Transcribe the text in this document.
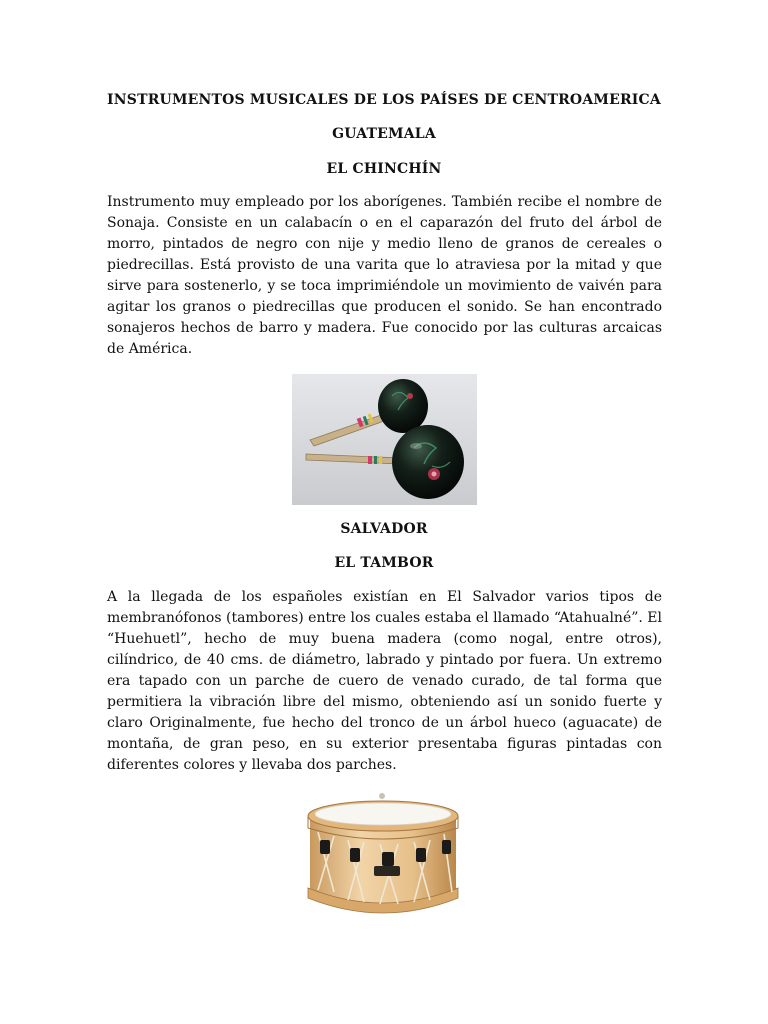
INSTRUMENTOS MUSICALES DE LOS PAÍSES DE CENTROAMERICA
GUATEMALA
EL CHINCHÍN

Instrumento muy empleado por los aborígenes. También recibe el nombre de Sonaja. Consiste en un calabacín o en el caparazón del fruto del árbol de morro, pintados de negro con nije y medio lleno de granos de cereales o piedrecillas. Está provisto de una varita que lo atraviesa por la mitad y que sirve para sostenerlo, y se toca imprimiéndole un movimiento de vaivén para agitar los granos o piedrecillas que producen el sonido. Se han encontrado sonajeros hechos de barro y madera. Fue conocido por las culturas arcaicas de América.

SALVADOR
EL TAMBOR

A la llegada de los españoles existían en El Salvador varios tipos de membranófonos (tambores) entre los cuales estaba el llamado “Atahualné”. El “Huehuetl”, hecho de muy buena madera (como nogal, entre otros), cilíndrico, de 40 cms. de diámetro, labrado y pintado por fuera. Un extremo era tapado con un parche de cuero de venado curado, de tal forma que permitiera la vibración libre del mismo, obteniendo así un sonido fuerte y claro Originalmente, fue hecho del tronco de un árbol hueco (aguacate) de montaña, de gran peso, en su exterior presentaba figuras pintadas con diferentes colores y llevaba dos parches.
